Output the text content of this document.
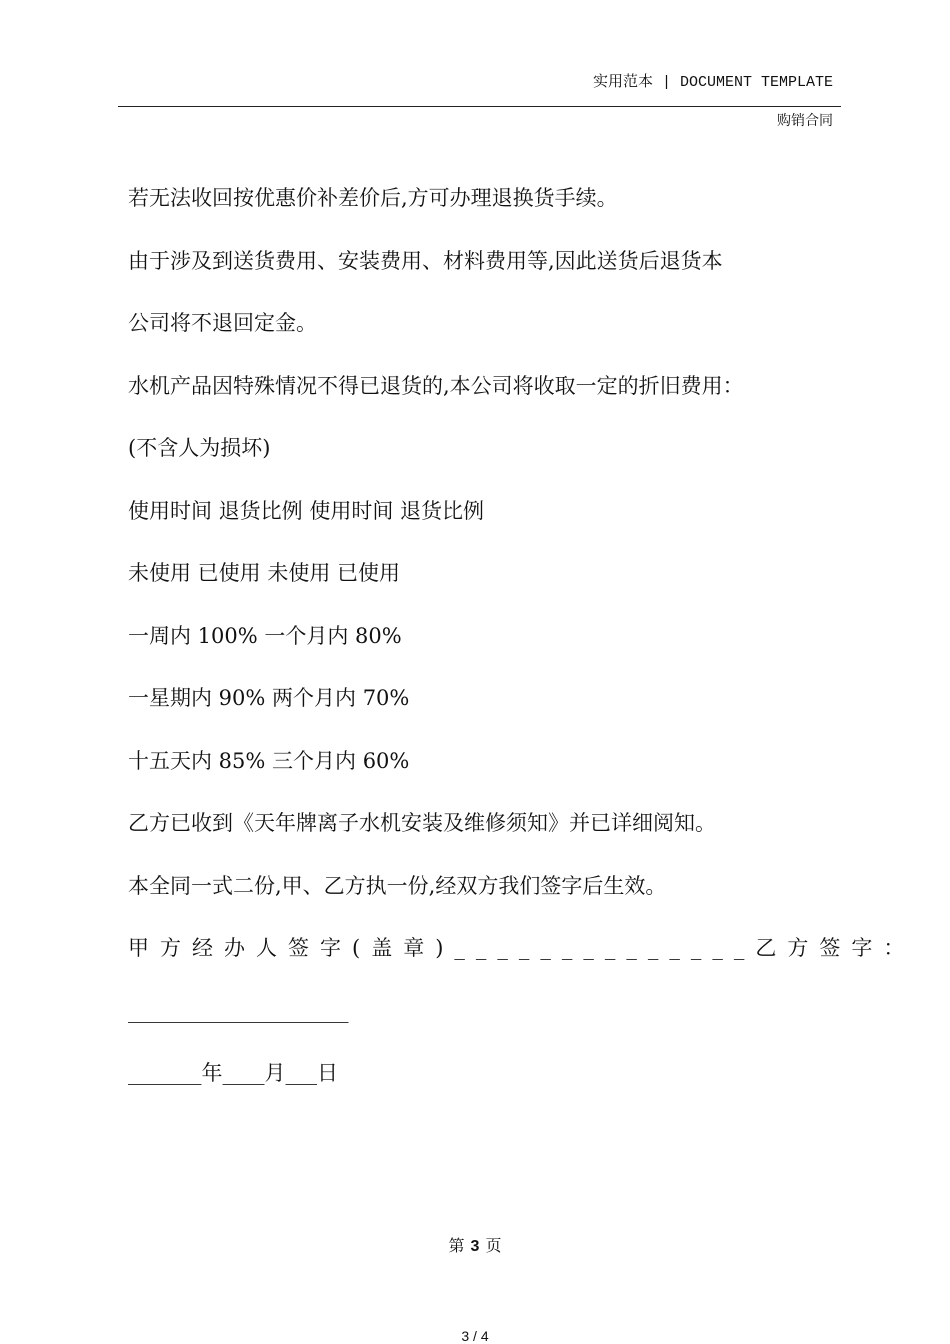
实用范本 | DOCUMENT TEMPLATE
购销合同
若无法收回按优惠价补差价后,方可办理退换货手续。
由于涉及到送货费用、安装费用、材料费用等,因此送货后退货本
公司将不退回定金。
水机产品因特殊情况不得已退货的,本公司将收取一定的折旧费用：
(不含人为损坏)
使用时间 退货比例 使用时间 退货比例
未使用 已使用 未使用 已使用
一周内 100% 一个月内 80%
一星期内 90% 两个月内 70%
十五天内 85% 三个月内 60%
乙方已收到《天年牌离子水机安装及维修须知》并已详细阅知。
本全同一式二份,甲、乙方执一份,经双方我们签字后生效。
甲方经办人签字(盖章)______________ 乙方签字：
_____________________
_______年____月___日
第 3 页
3 / 4
